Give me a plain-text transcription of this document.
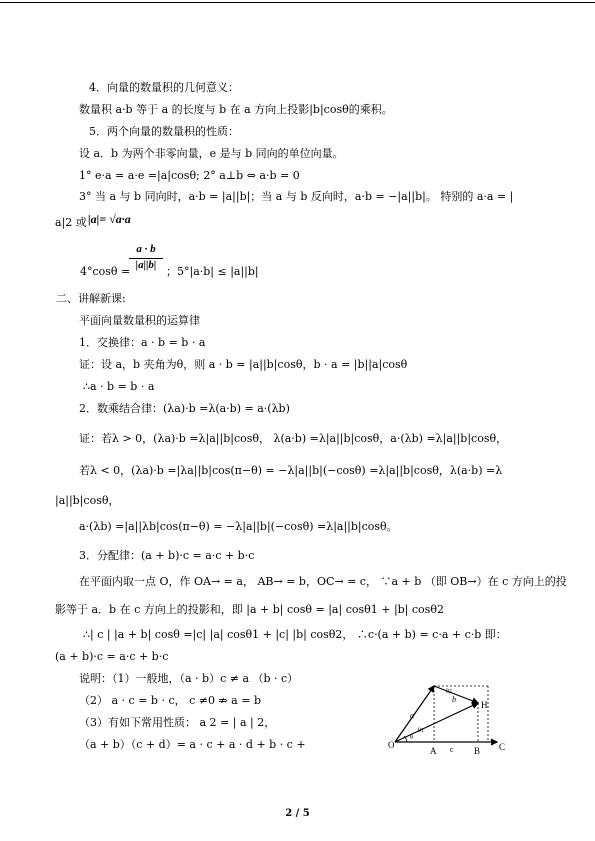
4．向量的数量积的几何意义：
数量积 a·b 等于 a 的长度与 b 在 a 方向上投影|b|cosθ的乘积。
5．两个向量的数量积的性质：
设 a．b 为两个非零向量，e 是与 b 同向的单位向量。
1° e·a = a·e =|a|cosθ; 2° a⊥b ⇔ a·b = 0
3° 当 a 与 b 同向时，a·b = |a||b|；当 a 与 b 反向时，a·b = −|a||b|。 特别的 a·a = |
a|2 或 |a|= √a·a
4°cosθ =
a · b
|a||b| ；5°|a·b| ≤ |a||b|
二、讲解新课:
平面向量数量积的运算律
1．交换律：a · b = b · a
证：设 a，b 夹角为θ，则 a · b = |a||b|cosθ，b · a = |b||a|cosθ
∴a · b = b · a
2．数乘结合律：(λa)·b =λ(a·b) = a·(λb)
证：若λ > 0，(λa)·b =λ|a||b|cosθ， λ(a·b) =λ|a||b|cosθ，a·(λb) =λ|a||b|cosθ，
若λ < 0，(λa)·b =|λa||b|cos(π−θ) = −λ|a||b|(−cosθ) =λ|a||b|cosθ，λ(a·b) =λ
|a||b|cosθ，
a·(λb) =|a||λb|cos(π−θ) = −λ|a||b|(−cosθ) =λ|a||b|cosθ。
3．分配律：(a + b)·c = a·c + b·c
在平面内取一点 O，作 OA→ = a， AB→ = b，OC→ = c， ∵a + b （即 OB→）在 c 方向上的投
影等于 a．b 在 c 方向上的投影和，即 |a + b| cosθ = |a| cosθ1 + |b| cosθ2
∴| c | |a + b| cosθ =|c| |a| cosθ1 + |c| |b| cosθ2， ∴c·(a + b) = c·a + c·b 即：
(a + b)·c = a·c + b·c
说明：（1）一般地，（a · b）c ≠ a （b · c）
（2） a · c = b · c， c ≠0 ⇏ a = b
（3）有如下常用性质： a 2 = | a | 2，
（a + b）（c + d）= a · c + a · d + b · c +	O
A c B C
H
a
b
θ
θ1
θ2
2 / 5
